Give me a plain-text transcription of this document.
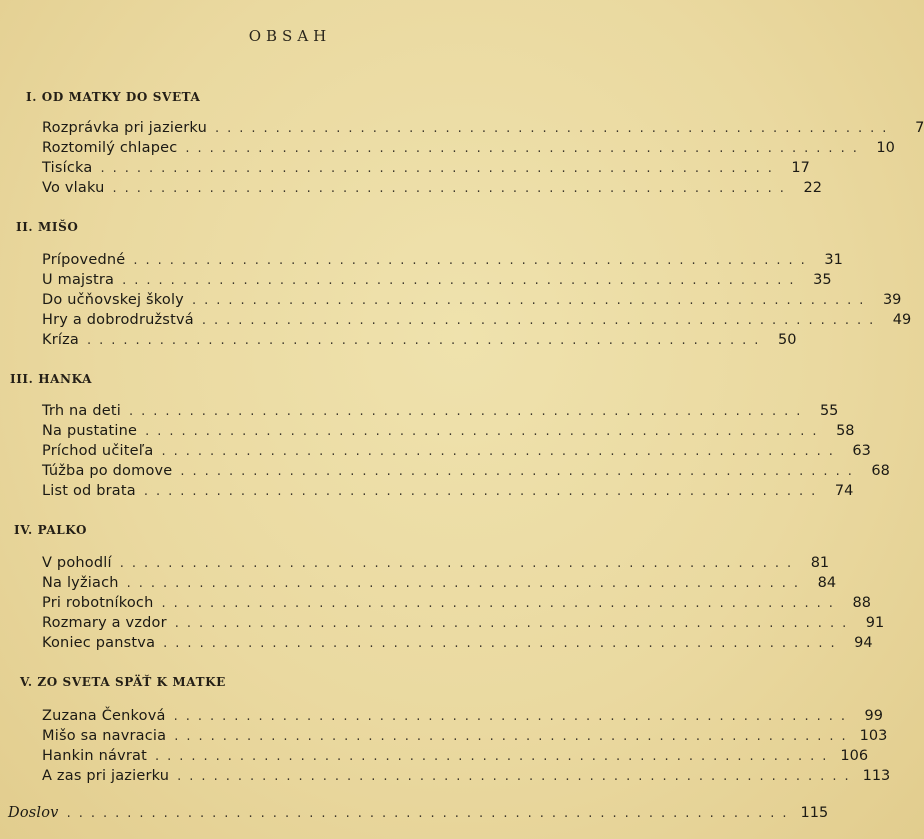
OBSAH
I. OD MATKY DO SVETA
Rozprávka pri jazierku ........................................................	7
Roztomilý chlapec ........................................................ 10
Tisícka ........................................................ 17
Vo vlaku ........................................................ 22
II. MIŠO
Prípovedné ........................................................ 31
U majstra ........................................................ 35
Do učňovskej školy ........................................................ 39
Hry a dobrodružstvá ........................................................ 49
Kríza ........................................................ 50
III. HANKA
Trh na deti ........................................................ 55
Na pustatine ........................................................ 58
Príchod učiteľa ........................................................ 63
Túžba po domove ........................................................ 68
List od brata ........................................................ 74
IV. PALKO
V pohodlí ........................................................ 81
Na lyžiach ........................................................ 84
Pri robotníkoch ........................................................ 88
Rozmary a vzdor ........................................................ 91
Koniec panstva ........................................................ 94
V. ZO SVETA SPÄŤ K MATKE
Zuzana Čenková ........................................................ 99
Mišo sa navracia ........................................................ 103
Hankin návrat ........................................................ 106
A zas pri jazierku ........................................................ 113
Doslov ............................................................ 115
